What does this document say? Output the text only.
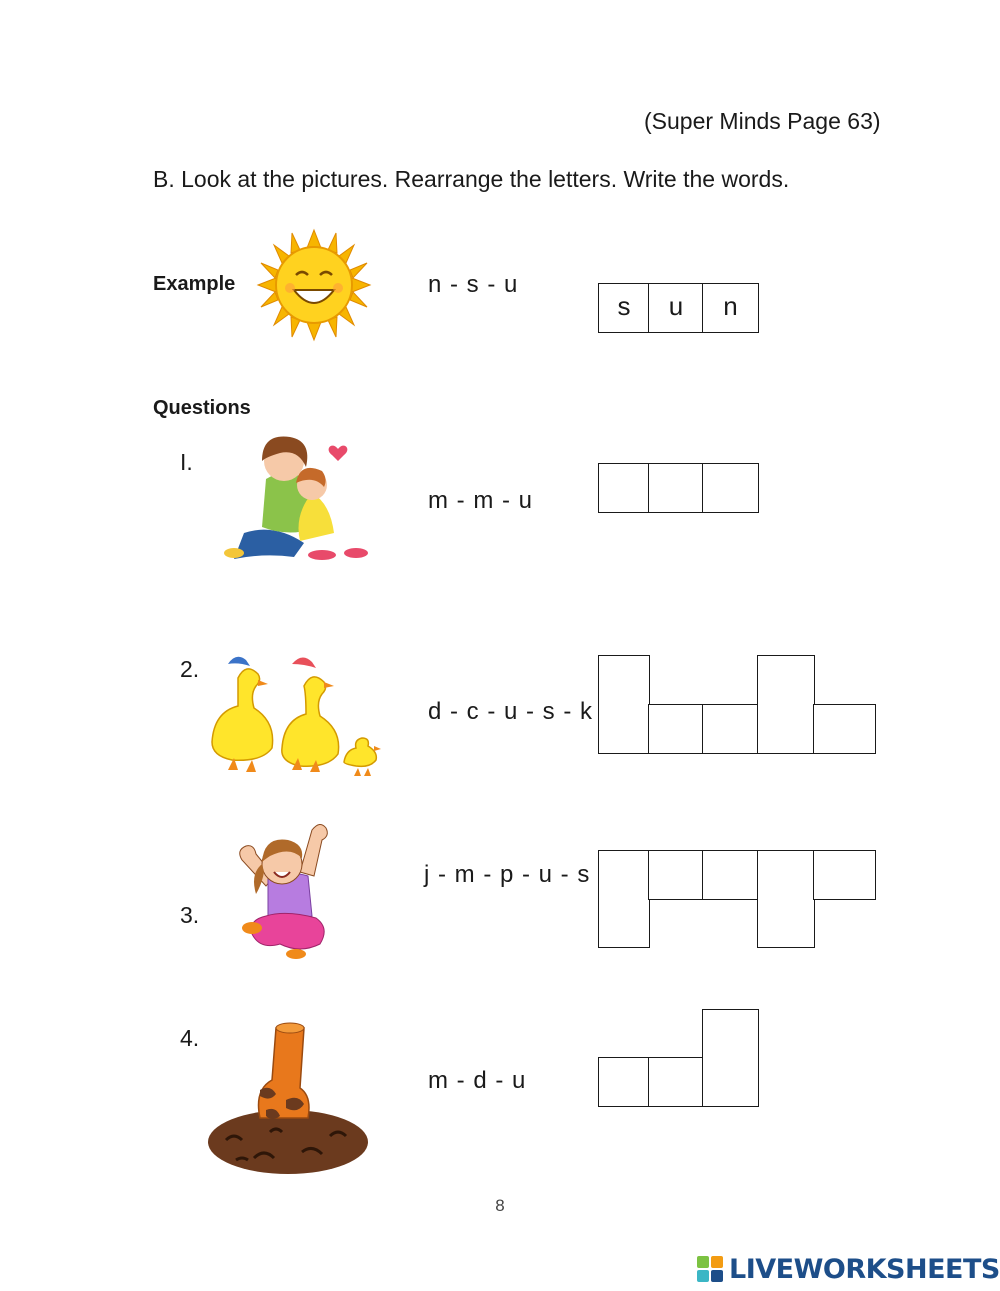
(Super Minds Page 63)
B. Look at the pictures. Rearrange the letters. Write the words.
Example	n - s - u
s	u	n
Questions
I.
m - m - u
2.
d - c - u - s - k
3.
j - m - p - u - s
4.
m - d - u
8
LIVEWORKSHEETS
